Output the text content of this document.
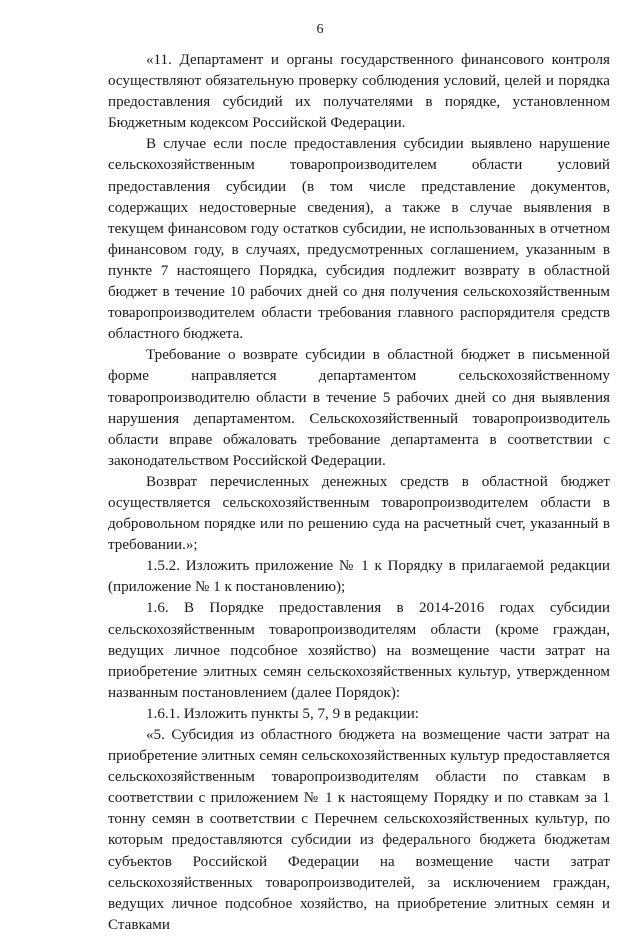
6

«11. Департамент и органы государственного финансового контроля осуществляют обязательную проверку соблюдения условий, целей и порядка предоставления субсидий их получателями в порядке, установленном Бюджетным кодексом Российской Федерации.

В случае если после предоставления субсидии выявлено нарушение сельскохозяйственным товаропроизводителем области условий предоставления субсидии (в том числе представление документов, содержащих недостоверные сведения), а также в случае выявления в текущем финансовом году остатков субсидии, не использованных в отчетном финансовом году, в случаях, предусмотренных соглашением, указанным в пункте 7 настоящего Порядка, субсидия подлежит возврату в областной бюджет в течение 10 рабочих дней со дня получения сельскохозяйственным товаропроизводителем области требования главного распорядителя средств областного бюджета.

Требование о возврате субсидии в областной бюджет в письменной форме направляется департаментом сельскохозяйственному товаропроизводителю области в течение 5 рабочих дней со дня выявления нарушения департаментом. Сельскохозяйственный товаропроизводитель области вправе обжаловать требование департамента в соответствии с законодательством Российской Федерации.

Возврат перечисленных денежных средств в областной бюджет осуществляется сельскохозяйственным товаропроизводителем области в добровольном порядке или по решению суда на расчетный счет, указанный в требовании.»;

1.5.2. Изложить приложение № 1 к Порядку в прилагаемой редакции (приложение № 1 к постановлению);

1.6. В Порядке предоставления в 2014-2016 годах субсидии сельскохозяйственным товаропроизводителям области (кроме граждан, ведущих личное подсобное хозяйство) на возмещение части затрат на приобретение элитных семян сельскохозяйственных культур, утвержденном названным постановлением (далее Порядок):

1.6.1. Изложить пункты 5, 7, 9 в редакции:

«5. Субсидия из областного бюджета на возмещение части затрат на приобретение элитных семян сельскохозяйственных культур предоставляется сельскохозяйственным товаропроизводителям области по ставкам в соответствии с приложением № 1 к настоящему Порядку и по ставкам за 1 тонну семян в соответствии с Перечнем сельскохозяйственных культур, по которым предоставляются субсидии из федерального бюджета бюджетам субъектов Российской Федерации на возмещение части затрат сельскохозяйственных товаропроизводителей, за исключением граждан, ведущих личное подсобное хозяйство, на приобретение элитных семян и Ставками
